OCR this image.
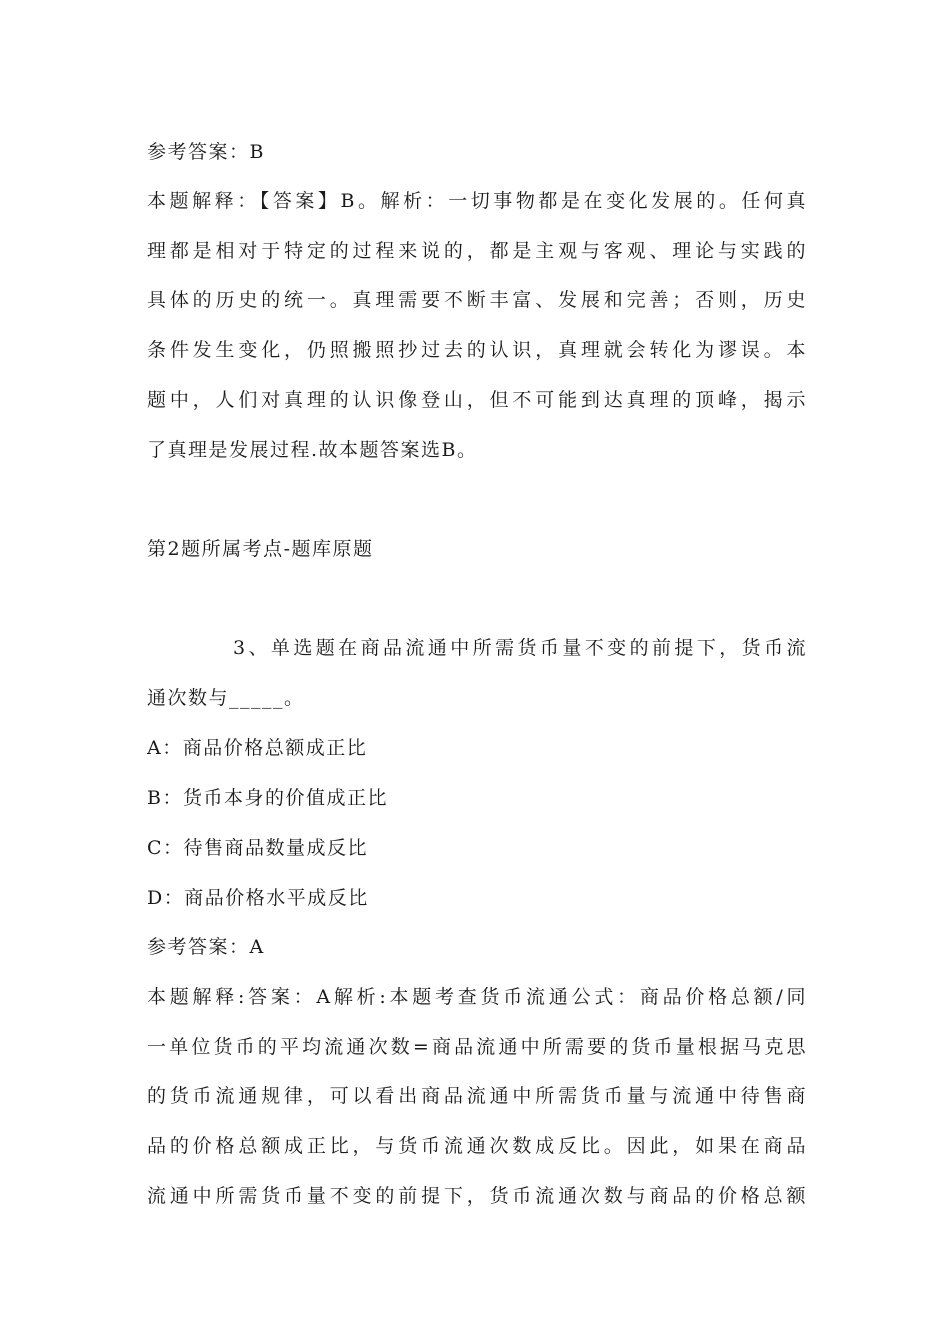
参考答案：B
本题解释：【答案】B。解析：一切事物都是在变化发展的。任何真
理都是相对于特定的过程来说的，都是主观与客观、理论与实践的
具体的历史的统一。真理需要不断丰富、发展和完善；否则，历史
条件发生变化，仍照搬照抄过去的认识，真理就会转化为谬误。本
题中，人们对真理的认识像登山，但不可能到达真理的顶峰，揭示
了真理是发展过程.故本题答案选B。
第2题所属考点-题库原题
3、单选题在商品流通中所需货币量不变的前提下，货币流
通次数与_____。
A：商品价格总额成正比
B：货币本身的价值成正比
C：待售商品数量成反比
D：商品价格水平成反比
参考答案：A
本题解释:答案：A解析:本题考查货币流通公式：商品价格总额/同
一单位货币的平均流通次数=商品流通中所需要的货币量根据马克思
的货币流通规律，可以看出商品流通中所需货币量与流通中待售商
品的价格总额成正比，与货币流通次数成反比。因此，如果在商品
流通中所需货币量不变的前提下，货币流通次数与商品的价格总额
